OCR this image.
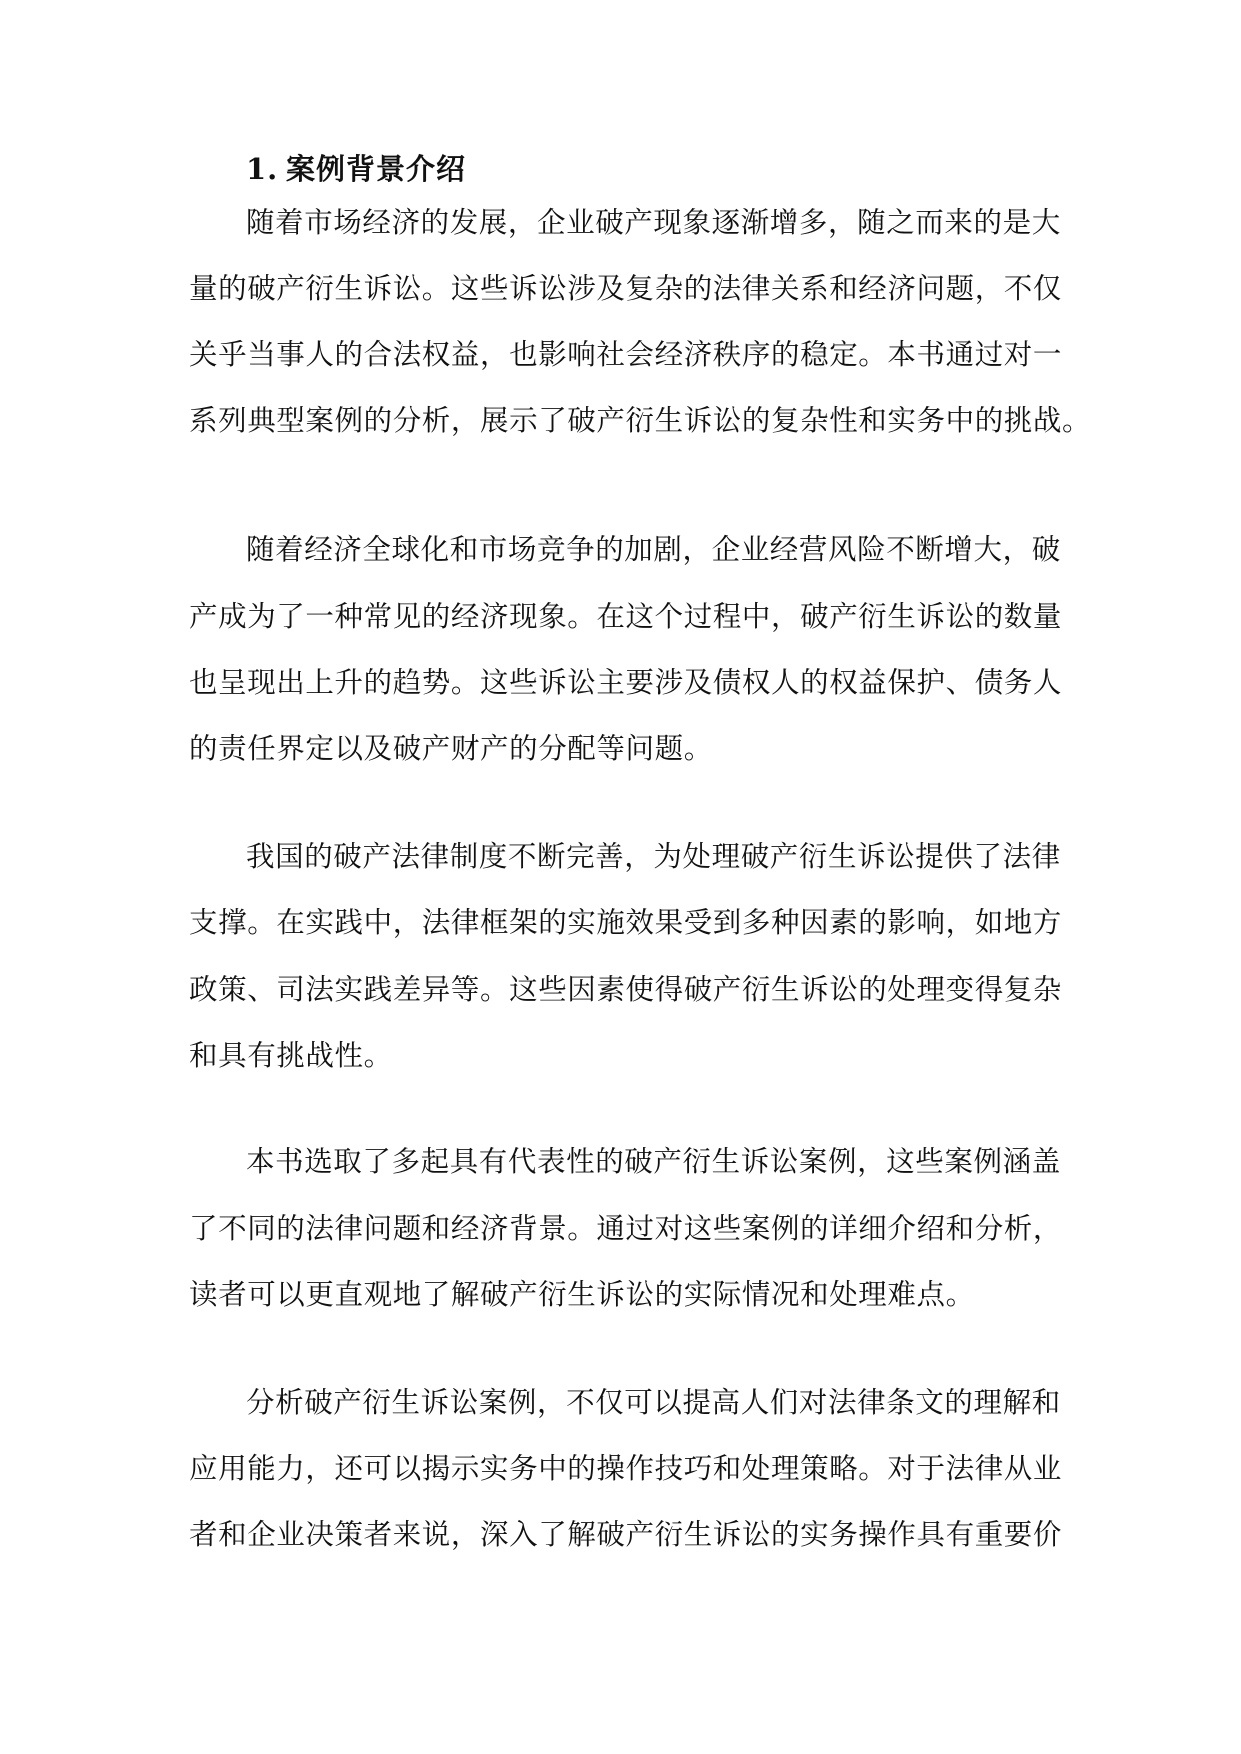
1. 案例背景介绍
随着市场经济的发展，企业破产现象逐渐增多，随之而来的是大
量的破产衍生诉讼。这些诉讼涉及复杂的法律关系和经济问题，不仅
关乎当事人的合法权益，也影响社会经济秩序的稳定。本书通过对一
系列典型案例的分析，展示了破产衍生诉讼的复杂性和实务中的挑战。
随着经济全球化和市场竞争的加剧，企业经营风险不断增大，破
产成为了一种常见的经济现象。在这个过程中，破产衍生诉讼的数量
也呈现出上升的趋势。这些诉讼主要涉及债权人的权益保护、债务人
的责任界定以及破产财产的分配等问题。
我国的破产法律制度不断完善，为处理破产衍生诉讼提供了法律
支撑。在实践中，法律框架的实施效果受到多种因素的影响，如地方
政策、司法实践差异等。这些因素使得破产衍生诉讼的处理变得复杂
和具有挑战性。
本书选取了多起具有代表性的破产衍生诉讼案例，这些案例涵盖
了不同的法律问题和经济背景。通过对这些案例的详细介绍和分析，
读者可以更直观地了解破产衍生诉讼的实际情况和处理难点。
分析破产衍生诉讼案例，不仅可以提高人们对法律条文的理解和
应用能力，还可以揭示实务中的操作技巧和处理策略。对于法律从业
者和企业决策者来说，深入了解破产衍生诉讼的实务操作具有重要价
